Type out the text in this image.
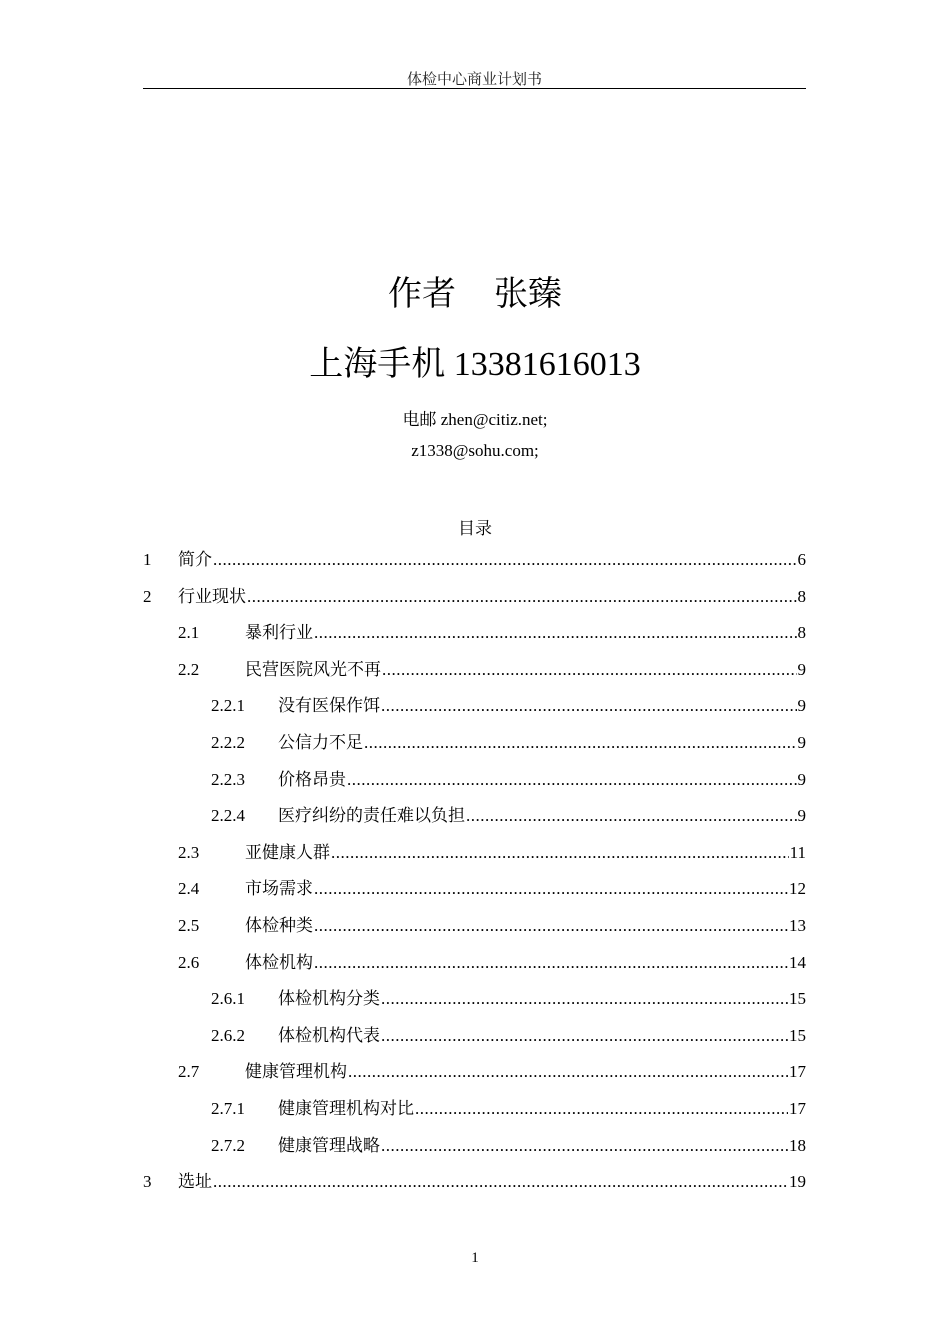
体检中心商业计划书
作者 张臻
上海手机 13381616013
电邮 zhen@citiz.net;
z1338@sohu.com;
目录
1	简介 .....	6
2	行业现状 .....	8
2.1	暴利行业 .....	8
2.2	民营医院风光不再 .....	9
2.2.1	没有医保作饵 .....	9
2.2.2	公信力不足 .....	9
2.2.3	价格昂贵 .....	9
2.2.4	医疗纠纷的责任难以负担 .....	9
2.3	亚健康人群 .....	11
2.4	市场需求 .....	12
2.5	体检种类 .....	13
2.6	体检机构 .....	14
2.6.1	体检机构分类 .....	15
2.6.2	体检机构代表 .....	15
2.7	健康管理机构 .....	17
2.7.1	健康管理机构对比 .....	17
2.7.2	健康管理战略 .....	18
3	选址 .....	19
1
